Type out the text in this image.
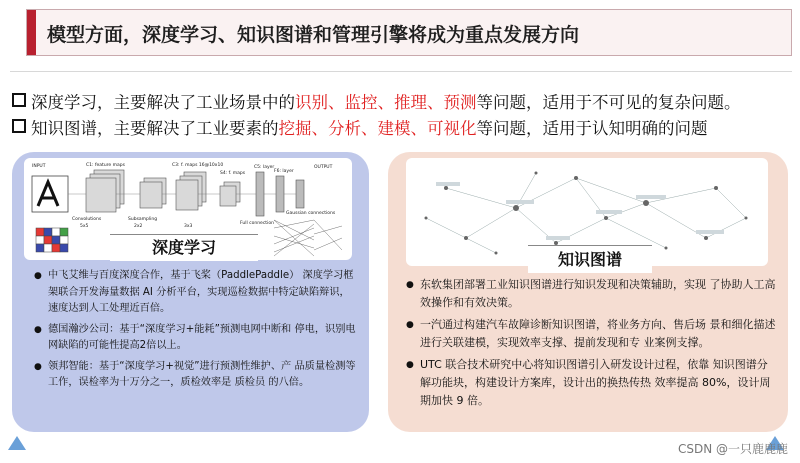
模型方面，深度学习、知识图谱和管理引擎将成为重点发展方向
深度学习，主要解决了工业场景中的识别、监控、推理、预测等问题，适用于不可见的复杂问题。
知识图谱，主要解决了工业要素的挖掘、分析、建模、可视化等问题，适用于认知明确的问题
INPUT	C1: feature maps	C3: f. maps 16@10x10
S4: f. maps
C5: layer
F6: layer
OUTPUT
Convolutions	Subsampling
Full connection
Gaussian connections
5x5	2x2	3x3
深度学习
● 中飞艾维与百度深度合作，基于飞桨（PaddlePaddle） 深度学习框架联合开发海量数据 AI 分析平台，实现巡检数据中特定缺陷辩识，速度达到人工处理近百倍。
● 德国瀚沙公司：基于“深度学习+能耗”预测电网中断和 停电，识别电网缺陷的可能性提高2倍以上。
● 领邦智能：基于“深度学习+视觉”进行预测性维护、产 品质量检测等工作，误检率为十万分之一，质检效率是 质检员 的八倍。
知识图谱
● 东软集团部署工业知识图谱进行知识发现和决策辅助，实现 了协助人工高效操作和有效决策。
● 一汽通过构建汽车故障诊断知识图谱，将业务方向、售后场 景和细化描述进行关联建模，实现效率支撑、提前发现和专 业案例支撑。
● UTC 联合技术研究中心将知识图谱引入研发设计过程，依靠 知识图谱分解功能块，构建设计方案库，设计出的换热传热 效率提高 80%，设计周期加快 9 倍。
CSDN @一只鹿鹿鹿
